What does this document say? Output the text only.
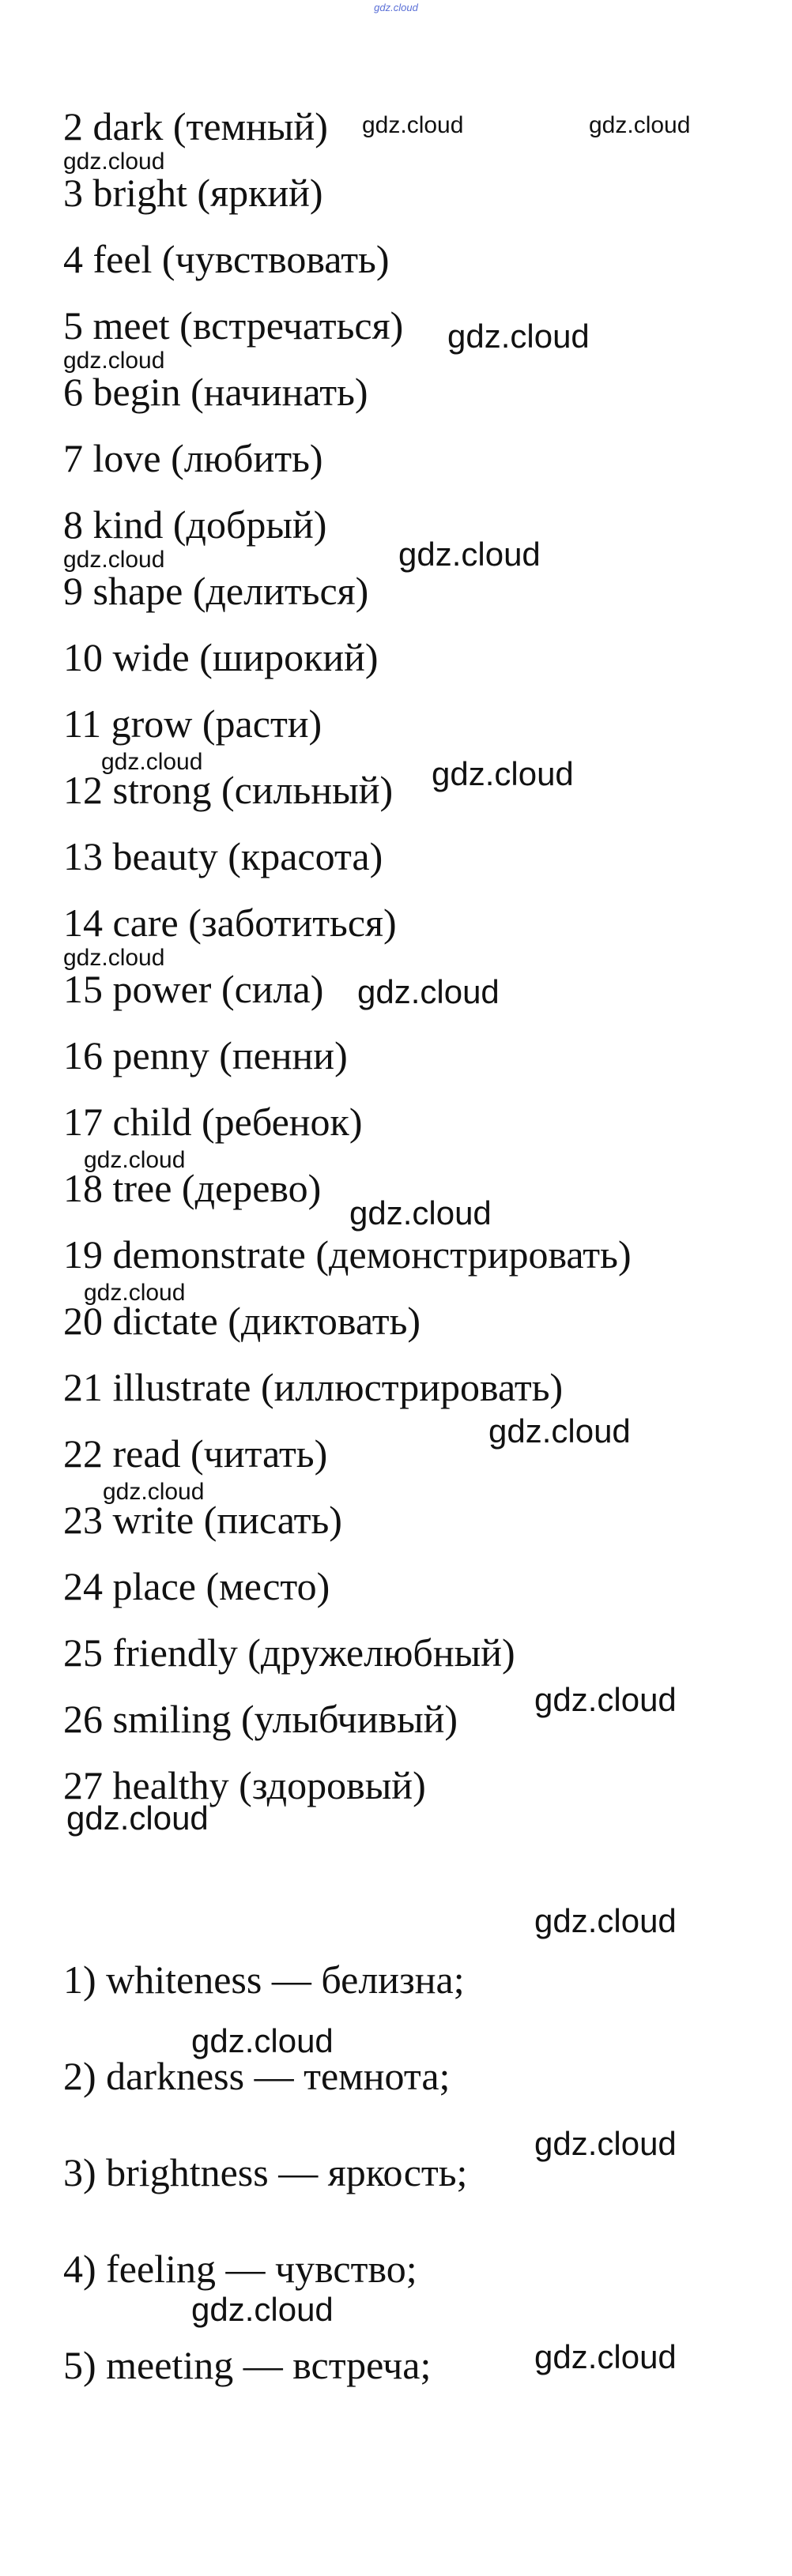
gdz.cloud
2 dark (темный)
3 bright (яркий)
4 feel (чувствовать)
5 meet (встречаться)
6 begin (начинать)
7 love (любить)
8 kind (добрый)
9 shape (делиться)
10 wide (широкий)
11 grow (расти)
12 strong (сильный)
13 beauty (красота)
14 care (заботиться)
15 power (сила)
16 penny (пенни)
17 child (ребенок)
18 tree (дерево)
19 demonstrate (демонстрировать)
20 dictate (диктовать)
21 illustrate (иллюстрировать)
22 read (читать)
23 write (писать)
24 place (место)
25 friendly (дружелюбный)
26 smiling (улыбчивый)
27 healthy (здоровый)
1) whiteness — белизна;
2) darkness — темнота;
3) brightness — яркость;
4) feeling — чувство;
5) meeting — встреча;
gdz.cloud	gdz.cloud
gdz.cloud
gdz.cloud
gdz.cloud
gdz.cloud	gdz.cloud
gdz.cloud	gdz.cloud
gdz.cloud
gdz.cloud
gdz.cloud
gdz.cloud
gdz.cloud
gdz.cloud
gdz.cloud
gdz.cloud
gdz.cloud
gdz.cloud
gdz.cloud
gdz.cloud
gdz.cloud
gdz.cloud
